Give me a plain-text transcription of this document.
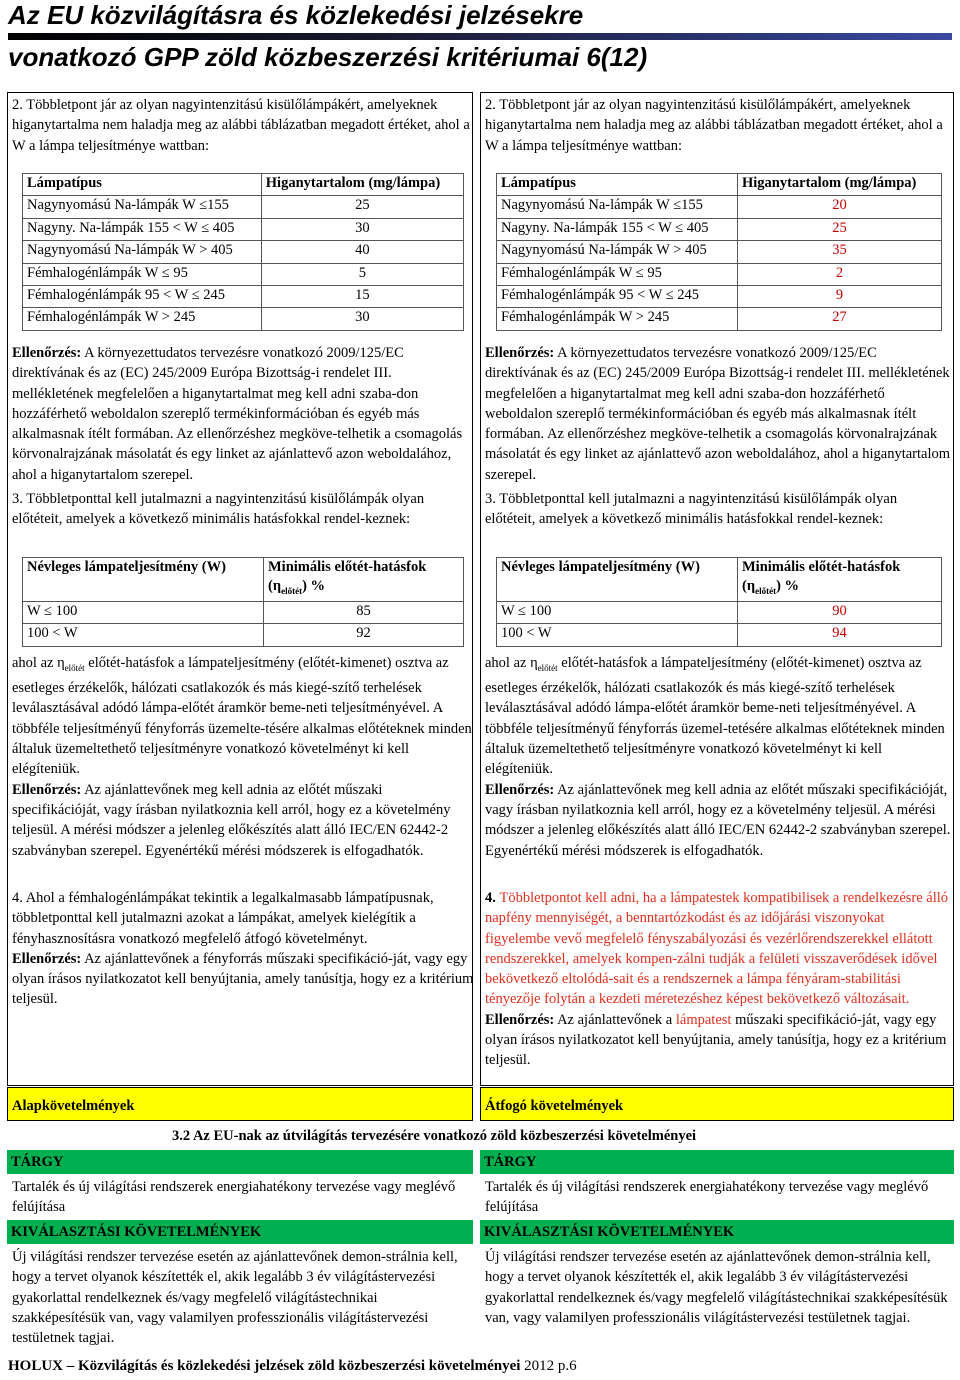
Az EU közvilágításra és közlekedési jelzésekre
vonatkozó GPP zöld közbeszerzési kritériumai 6(12)
2. Többletpont jár az olyan nagyintenzitású kisülőlámpákért, amelyeknek higanytartalma nem haladja meg az alábbi táblázatban megadott értéket, ahol a W a lámpa teljesítménye wattban:
Lámpatípus	Higanytartalom (mg/lámpa)
Nagynyomású Na-lámpák W ≤155	25
Nagyny. Na-lámpák 155 < W ≤ 405	30
Nagynyomású Na-lámpák W > 405	40
Fémhalogénlámpák W ≤ 95	5
Fémhalogénlámpák 95 < W ≤ 245	15
Fémhalogénlámpák W > 245	30
Ellenőrzés: A környezettudatos tervezésre vonatkozó 2009/125/EC direktívának és az (EC) 245/2009 Európa Bizottság-i rendelet III. mellékletének megfelelően a higanytartalmat meg kell adni szaba-don hozzáférhető weboldalon szereplő termékinformációban és egyéb más alkalmasnak ítélt formában. Az ellenőrzéshez megköve-telhetik a csomagolás körvonalrajzának másolatát és egy linket az ajánlattevő azon weboldalához, ahol a higanytartalom szerepel.
3. Többletponttal kell jutalmazni a nagyintenzitású kisülőlámpák olyan előtéteit, amelyek a következő minimális hatásfokkal rendel-keznek:
Névleges lámpateljesítmény (W)	Minimális előtét-hatásfok
$(\eta_{előtét})$ %
W ≤ 100	85
100 < W	92
ahol az $\eta_{előtét}$ előtét-hatásfok a lámpateljesítmény (előtét-kimenet) osztva az esetleges érzékelők, hálózati csatlakozók és más kiegé-szítő terhelések leválasztásával adódó lámpa-előtét áramkör beme-neti teljesítményével. A többféle teljesítményű fényforrás üzemelte-tésére alkalmas előtéteknek minden általuk üzemeltethető teljesítményre vonatkozó követelményt ki kell elégíteniük.
Ellenőrzés: Az ajánlattevőnek meg kell adnia az előtét műszaki specifikációját, vagy írásban nyilatkoznia kell arról, hogy ez a követelmény teljesül. A mérési módszer a jelenleg előkészítés alatt álló IEC/EN 62442-2 szabványban szerepel. Egyenértékű mérési módszerek is elfogadhatók.
4. Ahol a fémhalogénlámpákat tekintik a legalkalmasabb lámpatípusnak, többletponttal kell jutalmazni azokat a lámpákat, amelyek kielégítik a fényhasznosításra vonatkozó megfelelő átfogó követelményt.
Ellenőrzés: Az ajánlattevőnek a fényforrás műszaki specifikáció-ját, vagy egy olyan írásos nyilatkozatot kell benyújtania, amely tanúsítja, hogy ez a kritérium teljesül.
Alapkövetelmények
2. Többletpont jár az olyan nagyintenzitású kisülőlámpákért, amelyeknek higanytartalma nem haladja meg az alábbi táblázatban megadott értéket, ahol a W a lámpa teljesítménye wattban:
Lámpatípus	Higanytartalom (mg/lámpa)
Nagynyomású Na-lámpák W ≤155	20
Nagyny. Na-lámpák 155 < W ≤ 405	25
Nagynyomású Na-lámpák W > 405	35
Fémhalogénlámpák W ≤ 95	2
Fémhalogénlámpák 95 < W ≤ 245	9
Fémhalogénlámpák W > 245	27
Ellenőrzés: A környezettudatos tervezésre vonatkozó 2009/125/EC direktívának és az (EC) 245/2009 Európa Bizottság-i rendelet III. mellékletének megfelelően a higanytartalmat meg kell adni szaba-don hozzáférhető weboldalon szereplő termékinformációban és egyéb más alkalmasnak ítélt formában. Az ellenőrzéshez megköve-telhetik a csomagolás körvonalrajzának másolatát és egy linket az ajánlattevő azon weboldalához, ahol a higanytartalom szerepel.
3. Többletponttal kell jutalmazni a nagyintenzitású kisülőlámpák olyan előtéteit, amelyek a következő minimális hatásfokkal rendel-keznek:
Névleges lámpateljesítmény (W)	Minimális előtét-hatásfok
$(\eta_{előtét})$ %
W ≤ 100	90
100 < W	94
ahol az $\eta_{előtét}$ előtét-hatásfok a lámpateljesítmény (előtét-kimenet) osztva az esetleges érzékelők, hálózati csatlakozók és más kiegé-szítő terhelések leválasztásával adódó lámpa-előtét áramkör beme-neti teljesítményével. A többféle teljesítményű fényforrás üzemel-tetésére alkalmas előtéteknek minden általuk üzemeltethető teljesítményre vonatkozó követelményt ki kell elégíteniük.
Ellenőrzés: Az ajánlattevőnek meg kell adnia az előtét műszaki specifikációját, vagy írásban nyilatkoznia kell arról, hogy ez a követelmény teljesül. A mérési módszer a jelenleg előkészítés alatt álló IEC/EN 62442-2 szabványban szerepel. Egyenértékű mérési módszerek is elfogadhatók.
4. Többletpontot kell adni, ha a lámpatestek kompatibilisek a rendelkezésre álló napfény mennyiségét, a benntartózkodást és az időjárási viszonyokat figyelembe vevő megfelelő fényszabályozási és vezérlőrendszerekkel ellátott rendszerekkel, amelyek kompen-zálni tudják a felületi visszaverődések idővel bekövetkező eltolódá-sait és a rendszernek a lámpa fényáram-stabilitási tényezője folytán a kezdeti méretezéshez képest bekövetkező változásait.
Ellenőrzés: Az ajánlattevőnek a lámpatest műszaki specifikáció-ját, vagy egy olyan írásos nyilatkozatot kell benyújtania, amely tanúsítja, hogy ez a kritérium teljesül.
Átfogó követelmények
3.2 Az EU-nak az útvilágítás tervezésére vonatkozó zöld közbeszerzési követelményei
TÁRGY	TÁRGY
Tartalék és új világítási rendszerek energiahatékony tervezése vagy meglévő felújítása
Tartalék és új világítási rendszerek energiahatékony tervezése vagy meglévő felújítása
KIVÁLASZTÁSI KÖVETELMÉNYEK	KIVÁLASZTÁSI KÖVETELMÉNYEK
Új világítási rendszer tervezése esetén az ajánlattevőnek demon-strálnia kell, hogy a tervet olyanok készítették el, akik legalább 3 év világítástervezési gyakorlattal rendelkeznek és/vagy megfelelő világítástechnikai szakképesítésük van, vagy valamilyen professzionális világítástervezési testületnek tagjai.
Új világítási rendszer tervezése esetén az ajánlattevőnek demon-strálnia kell, hogy a tervet olyanok készítették el, akik legalább 3 év világítástervezési gyakorlattal rendelkeznek és/vagy megfelelő világítástechnikai szakképesítésük van, vagy valamilyen professzionális világítástervezési testületnek tagjai.
HOLUX – Közvilágítás és közlekedési jelzések zöld közbeszerzési követelményei 2012 p.6
